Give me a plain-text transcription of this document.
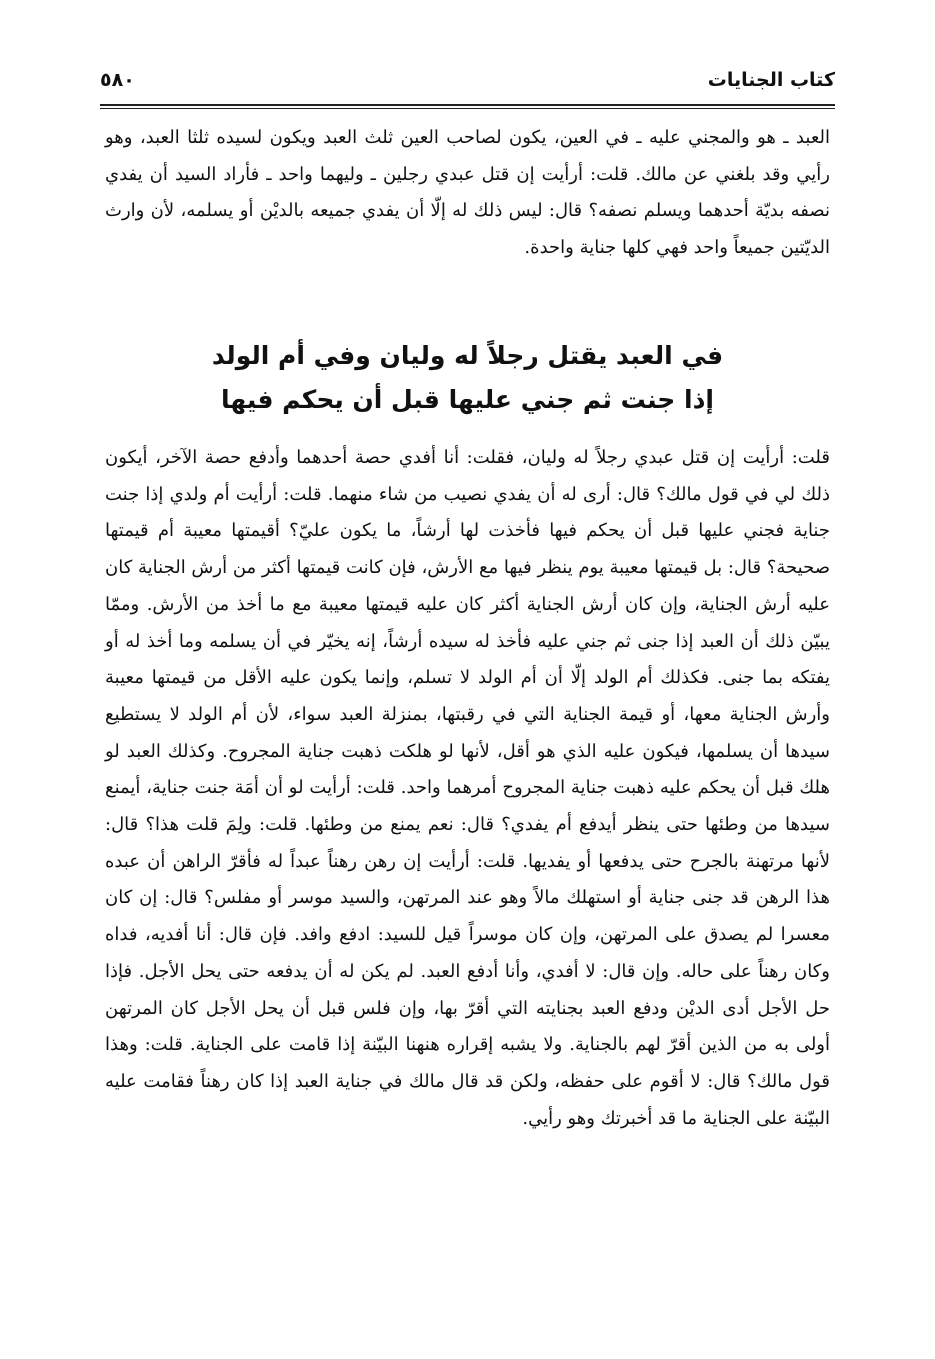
كتاب الجنايات
٥٨٠

العبد ـ هو والمجني عليه ـ في العين، يكون لصاحب العين ثلث العبد ويكون لسيده ثلثا العبد، وهو رأيي وقد بلغني عن مالك. قلت: أرأيت إن قتل عبدي رجلين ـ وليهما واحد ـ فأراد السيد أن يفدي نصفه بديّة أحدهما ويسلم نصفه؟ قال: ليس ذلك له إلّا أن يفدي جميعه بالديْن أو يسلمه، لأن وارث الديّتين جميعاً واحد فهي كلها جناية واحدة.

في العبد يقتل رجلاً له وليان وفي أم الولد
إذا جنت ثم جني عليها قبل أن يحكم فيها

قلت: أرأيت إن قتل عبدي رجلاً له وليان، فقلت: أنا أفدي حصة أحدهما وأدفع حصة الآخر، أيكون ذلك لي في قول مالك؟ قال: أرى له أن يفدي نصيب من شاء منهما. قلت: أرأيت أم ولدي إذا جنت جناية فجني عليها قبل أن يحكم فيها فأخذت لها أرشاً، ما يكون عليّ؟ أقيمتها معيبة أم قيمتها صحيحة؟ قال: بل قيمتها معيبة يوم ينظر فيها مع الأرش، فإن كانت قيمتها أكثر من أرش الجناية كان عليه أرش الجناية، وإن كان أرش الجناية أكثر كان عليه قيمتها معيبة مع ما أخذ من الأرش. وممّا يبيّن ذلك أن العبد إذا جنى ثم جني عليه فأخذ له سيده أرشاً، إنه يخيّر في أن يسلمه وما أخذ له أو يفتكه بما جنى. فكذلك أم الولد إلّا أن أم الولد لا تسلم، وإنما يكون عليه الأقل من قيمتها معيبة وأرش الجناية معها، أو قيمة الجناية التي في رقبتها، بمنزلة العبد سواء، لأن أم الولد لا يستطيع سيدها أن يسلمها، فيكون عليه الذي هو أقل، لأنها لو هلكت ذهبت جناية المجروح. وكذلك العبد لو هلك قبل أن يحكم عليه ذهبت جناية المجروح أمرهما واحد. قلت: أرأيت لو أن أمَة جنت جناية، أيمنع سيدها من وطئها حتى ينظر أيدفع أم يفدي؟ قال: نعم يمنع من وطئها. قلت: ولِمَ قلت هذا؟ قال: لأنها مرتهنة بالجرح حتى يدفعها أو يفديها. قلت: أرأيت إن رهن رهناً عبداً له فأقرّ الراهن أن عبده هذا الرهن قد جنى جناية أو استهلك مالاً وهو عند المرتهن، والسيد موسر أو مفلس؟ قال: إن كان معسرا لم يصدق على المرتهن، وإن كان موسراً قيل للسيد: ادفع وافد. فإن قال: أنا أفديه، فداه وكان رهناً على حاله. وإن قال: لا أفدي، وأنا أدفع العبد. لم يكن له أن يدفعه حتى يحل الأجل. فإذا حل الأجل أدى الديْن ودفع العبد بجنايته التي أقرّ بها، وإن فلس قبل أن يحل الأجل كان المرتهن أولى به من الذين أقرّ لهم بالجناية. ولا يشبه إقراره هنهنا البيّنة إذا قامت على الجناية. قلت: وهذا قول مالك؟ قال: لا أقوم على حفظه، ولكن قد قال مالك في جناية العبد إذا كان رهناً فقامت عليه البيّنة على الجناية ما قد أخبرتك وهو رأيي.
